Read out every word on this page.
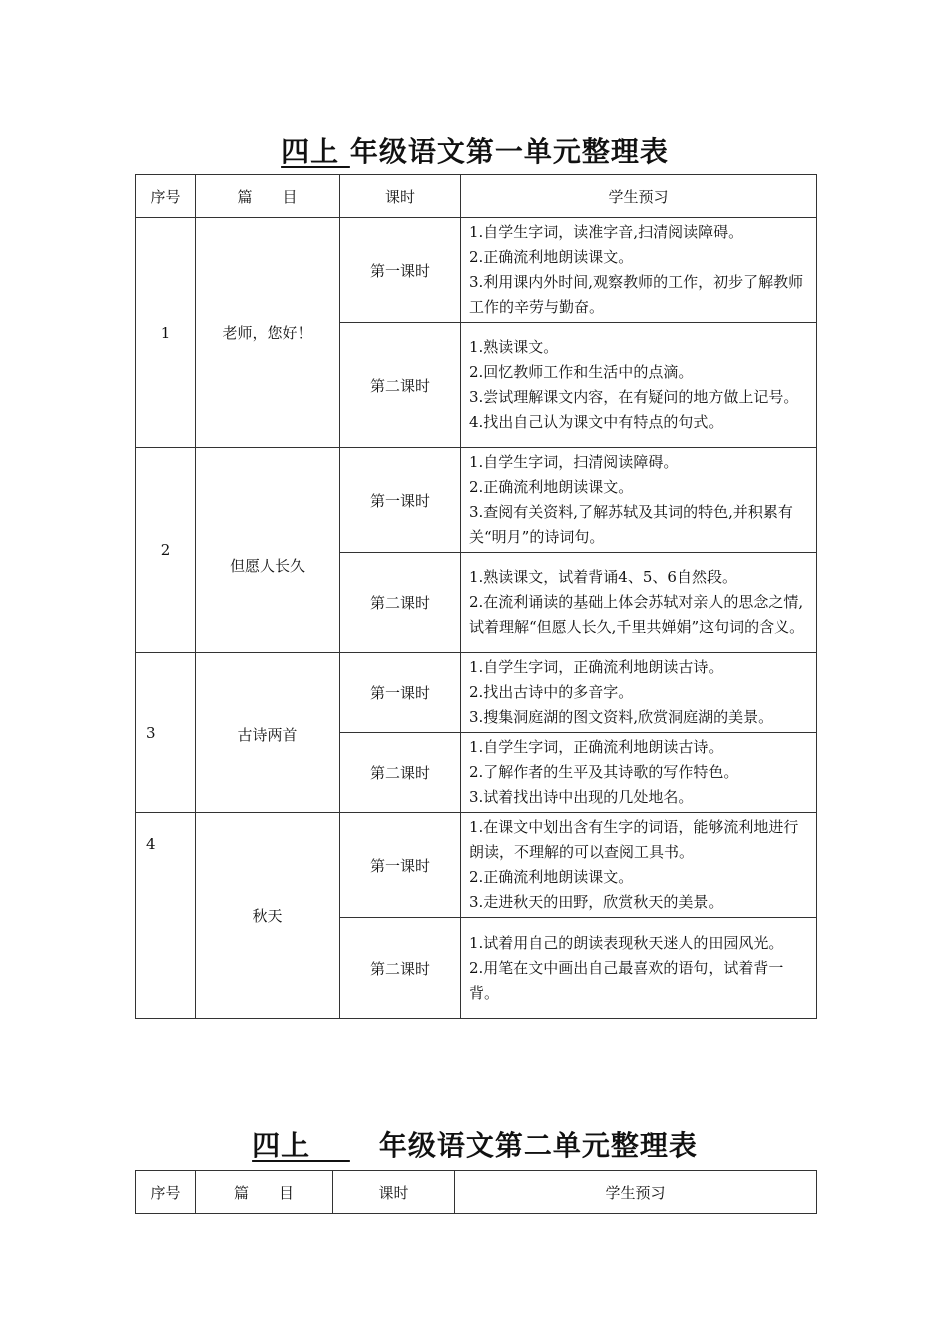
四上 年级语文第一单元整理表
序号	篇　　目	课时	学生预习
1	老师，您好！	第一课时	1.自学生字词，读准字音,扫清阅读障碍。
2.正确流利地朗读课文。
3.利用课内外时间,观察教师的工作，初步了解教师工作的辛劳与勤奋。

		第二课时	1.熟读课文。
2.回忆教师工作和生活中的点滴。
3.尝试理解课文内容，在有疑问的地方做上记号。
4.找出自己认为课文中有特点的句式。

2	但愿人长久	第一课时	1.自学生字词，扫清阅读障碍。
2.正确流利地朗读课文。
3.查阅有关资料,了解苏轼及其词的特色,并积累有关“明月”的诗词句。

		第二课时	1.熟读课文，试着背诵4、5、6自然段。
2.在流利诵读的基础上体会苏轼对亲人的思念之情,试着理解“但愿人长久,千里共婵娟”这句词的含义。

3	古诗两首	第一课时	1.自学生字词，正确流利地朗读古诗。
2.找出古诗中的多音字。
3.搜集洞庭湖的图文资料,欣赏洞庭湖的美景。

		第二课时	1.自学生字词，正确流利地朗读古诗。
2.了解作者的生平及其诗歌的写作特色。
3.试着找出诗中出现的几处地名。

4	秋天	第一课时	1.在课文中划出含有生字的词语，能够流利地进行朗读，不理解的可以查阅工具书。
2.正确流利地朗读课文。
3.走进秋天的田野，欣赏秋天的美景。

		第二课时	1.试着用自己的朗读表现秋天迷人的田园风光。
2.用笔在文中画出自己最喜欢的语句，试着背一背。
四上　 　年级语文第二单元整理表
序号	篇　　目	课时	学生预习
